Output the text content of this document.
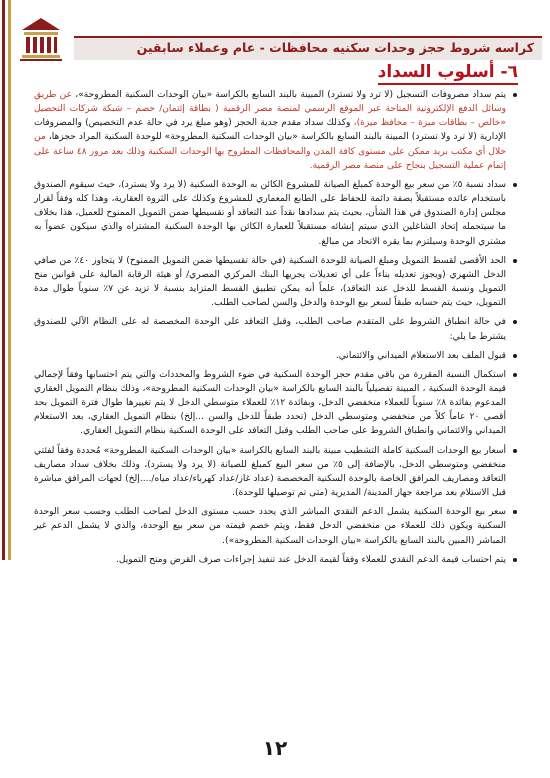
كراسه شروط حجز وحدات سكنيه محافظات - عام وعملاء سابقين
٦- أسلوب السداد
يتم سداد مصروفات التسجيل (لا ترد ولا تسترد) المبينة بالبند السابع بالكراسة «بيان الوحدات السكنية المطروحة»، عن طريق وسائل الدفع الإلكترونية المتاحة عبر الموقع الرسمي لمنصة مصر الرقمية ( بطاقة إئتمان/ خصم – شبكة شركات التحصيل «خالص – بطاقات ميزة – محافظ ميزة)، وكذلك سداد مقدم جدية الحجز (وهو مبلغ يرد في حالة عدم التخصيص) والمصروفات الإدارية (لا ترد ولا تسترد) المبينة بالبند السابع بالكراسة «بيان الوحدات السكنية المطروحة» للوحدة السكنية المراد حجزها، من خلال أي مكتب بريد ممكن على مستوى كافة المدن والمحافظات المطروح بها الوحدات السكنية وذلك بعد مرور ٤٨ ساعة على إتمام عملية التسجيل بنجاح على منصة مصر الرقمية.
سداد نسبة ٥٪ من سعر بيع الوحدة كمبلغ الصيانة للمشروع الكائن به الوحدة السكنية (لا يرد ولا يسترد)، حيث سيقوم الصندوق باستخدام عائده مستقبلاً بصفة دائمة للحفاظ على الطابع المعماري للمشروع وكذلك على الثروة العقارية، وهذا كله وفقاً لقرار مجلس إدارة الصندوق في هذا الشأن، بحيث يتم سدادها نقداً عند التعاقد أو تقسيطها ضمن التمويل الممنوح للعميل، هذا بخلاف ما سيتحمله إتحاد الشاغلين الذي سيتم إنشائه مستقبلاً للعمارة الكائن بها الوحدة السكنية المشتراه والذي سيكون عضواً به مشتري الوحدة وسيلتزم بما يقره الاتحاد من مبالغ.
الحد الأقصى لقسط التمويل ومبلغ الصيانة للوحدة السكنية (في حالة تقسيطها ضمن التمويل الممنوح) لا يتجاوز ٤٠٪ من صافي الدخل الشهري (ويجوز تعديله بناءاً على أي تعديلات يجريها البنك المركزي المصري/ أو هيئة الرقابة المالية على قوانين منح التمويل ونسبة القسط للدخل عند التعاقد)، علماً أنه يمكن تطبيق القسط المتزايد بنسبة لا تزيد عن ٧٪ سنوياً طوال مدة التمويل، حيث يتم حسابه طبقاً لسعر بيع الوحدة والدخل والسن لصاحب الطلب.
في حالة انطباق الشروط على المتقدم صاحب الطلب، وقبل التعاقد على الوحدة المخصصة له على النظام الآلي للصندوق يشترط ما يلي:
قبول الملف بعد الاستعلام الميداني والائتماني.
استكمال النسبة المقررة من باقي مقدم حجز الوحدة السكنية في ضوء الشروط والمحددات والتي يتم احتسابها وفقاً لإجمالي قيمة الوحدة السكنية ، المبينة تفصيلياً بالبند السابع بالكراسة «بيان الوحدات السكنية المطروحة»، وذلك بنظام التمويل العقاري المدعوم بفائدة ٨٪ سنوياً للعملاء منخفضي الدخل، وبفائدة ١٢٪ للعملاء متوسطي الدخل لا يتم تغييرها طوال فترة التمويل بحد أقصى ٢٠ عاماً كلاً من منخفضي ومتوسطي الدخل (تحدد طبقاً للدخل والسن ...إلخ) بنظام التمويل العقاري، بعد الاستعلام الميداني والائتماني وانطباق الشروط على صاحب الطلب وقبل التعاقد على الوحدة السكنية بنظام التمويل العقاري.
أسعار بيع الوحدات السكنية كاملة التشطيب مبينة بالبند السابع بالكراسة «بيان الوحدات السكنية المطروحة» مُحددة وفقاً لفئتي منخفضي ومتوسطي الدخل، بالإضافة إلى ٥٪ من سعر البيع كمبلغ للصيانة (لا يرد ولا يسترد)، وذلك بخلاف سداد مصاريف التعاقد ومصاريف المرافق الخاصة بالوحدة السكنية المخصصة (عداد غاز/عداد كهرباء/عداد مياه/....إلخ) لجهات المرافق مباشرة قبل الاستلام بعد مراجعة جهاز المدينة/ المديرية (متى تم توصيلها للوحدة).
سعر بيع الوحدة السكنية يشمل الدعم النقدي المباشر الذي يحدد حسب مستوى الدخل لصاحب الطلب وحسب سعر الوحدة السكنية ويكون ذلك للعملاء من منخفضي الدخل فقط، ويتم خصم قيمته من سعر بيع الوحدة، والذي لا يشمل الدعم غير المباشر (المبين بالبند السابع بالكراسة «بيان الوحدات السكنية المطروحة»).
يتم احتساب قيمة الدعم النقدي للعملاء وفقاً لقيمة الدخل عند تنفيذ إجراءات صرف القرض ومنح التمويل.
١٢
